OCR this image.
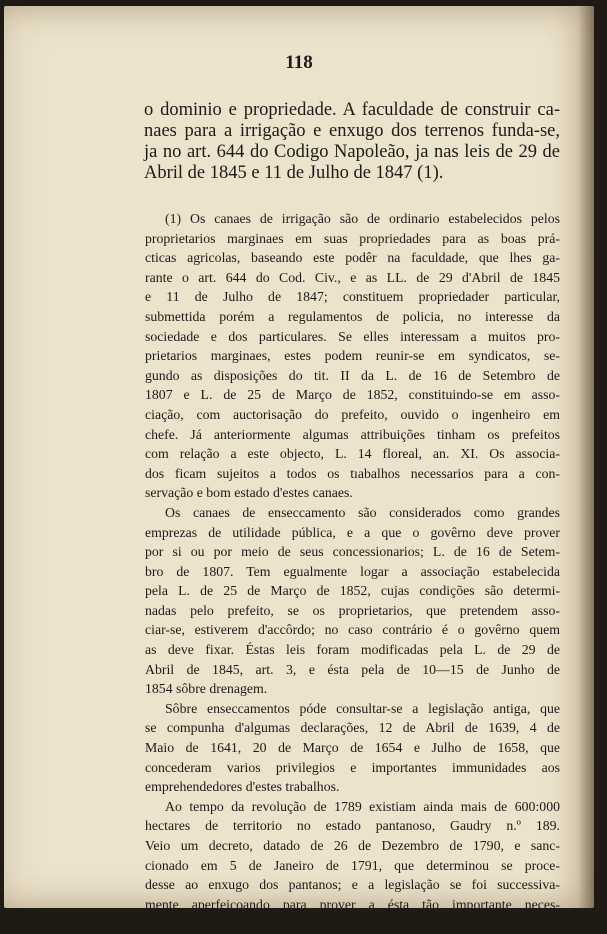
118
o dominio e propriedade. A faculdade de construir ca-
naes para a irrigação e enxugo dos terrenos funda-se,
ja no art. 644 do Codigo Napoleão, ja nas leis de 29 de
Abril de 1845 e 11 de Julho de 1847 (1).
(1) Os canaes de irrigação são de ordinario estabelecidos pelos
proprietarios marginaes em suas propriedades para as boas prá-
cticas agricolas, baseando este podêr na faculdade, que lhes ga-
rante o art. 644 do Cod. Civ., e as LL. de 29 d'Abril de 1845
e 11 de Julho de 1847; constituem propriedader particular,
submettida porém a regulamentos de policia, no interesse da
sociedade e dos particulares. Se elles interessam a muitos pro-
prietarios marginaes, estes podem reunir-se em syndicatos, se-
gundo as disposições do tit. II da L. de 16 de Setembro de
1807 e L. de 25 de Março de 1852, constituindo-se em asso-
ciação, com auctorisação do prefeito, ouvido o ingenheiro em
chefe. Já anteriormente algumas attribuições tinham os prefeitos
com relação a este objecto, L. 14 floreal, an. XI. Os associa-
dos ficam sujeitos a todos os tıabalhos necessarios para a con-
servação e bom estado d'estes canaes.
Os canaes de enseccamento são considerados como grandes
emprezas de utilidade pública, e a que o govêrno deve prover
por si ou por meio de seus concessionarios; L. de 16 de Setem-
bro de 1807. Tem egualmente logar a associação estabelecida
pela L. de 25 de Março de 1852, cujas condições são determi-
nadas pelo prefeito, se os proprietarios, que pretendem asso-
ciar-se, estiverem d'accôrdo; no caso contrário é o govêrno quem
as deve fixar. Éstas leis foram modificadas pela L. de 29 de
Abril de 1845, art. 3, e ésta pela de 10—15 de Junho de
1854 sôbre drenagem.
Sôbre enseccamentos póde consultar-se a legislação antiga, que
se compunha d'algumas declarações, 12 de Abril de 1639, 4 de
Maio de 1641, 20 de Março de 1654 e Julho de 1658, que
concederam varios privilegios e importantes immunidades aos
emprehendedores d'estes trabalhos.
Ao tempo da revolução de 1789 existiam ainda mais de 600:000
hectares de territorio no estado pantanoso, Gaudry n.º 189.
Veio um decreto, datado de 26 de Dezembro de 1790, e sanc-
cionado em 5 de Janeiro de 1791, que determinou se proce-
desse ao enxugo dos pantanos; e a legislação se foi successiva-
mente aperfeiçoando para prover a ésta tão importante neces-
sidade pública. Ultimamente foi publicada a lei de 19 de Junho
